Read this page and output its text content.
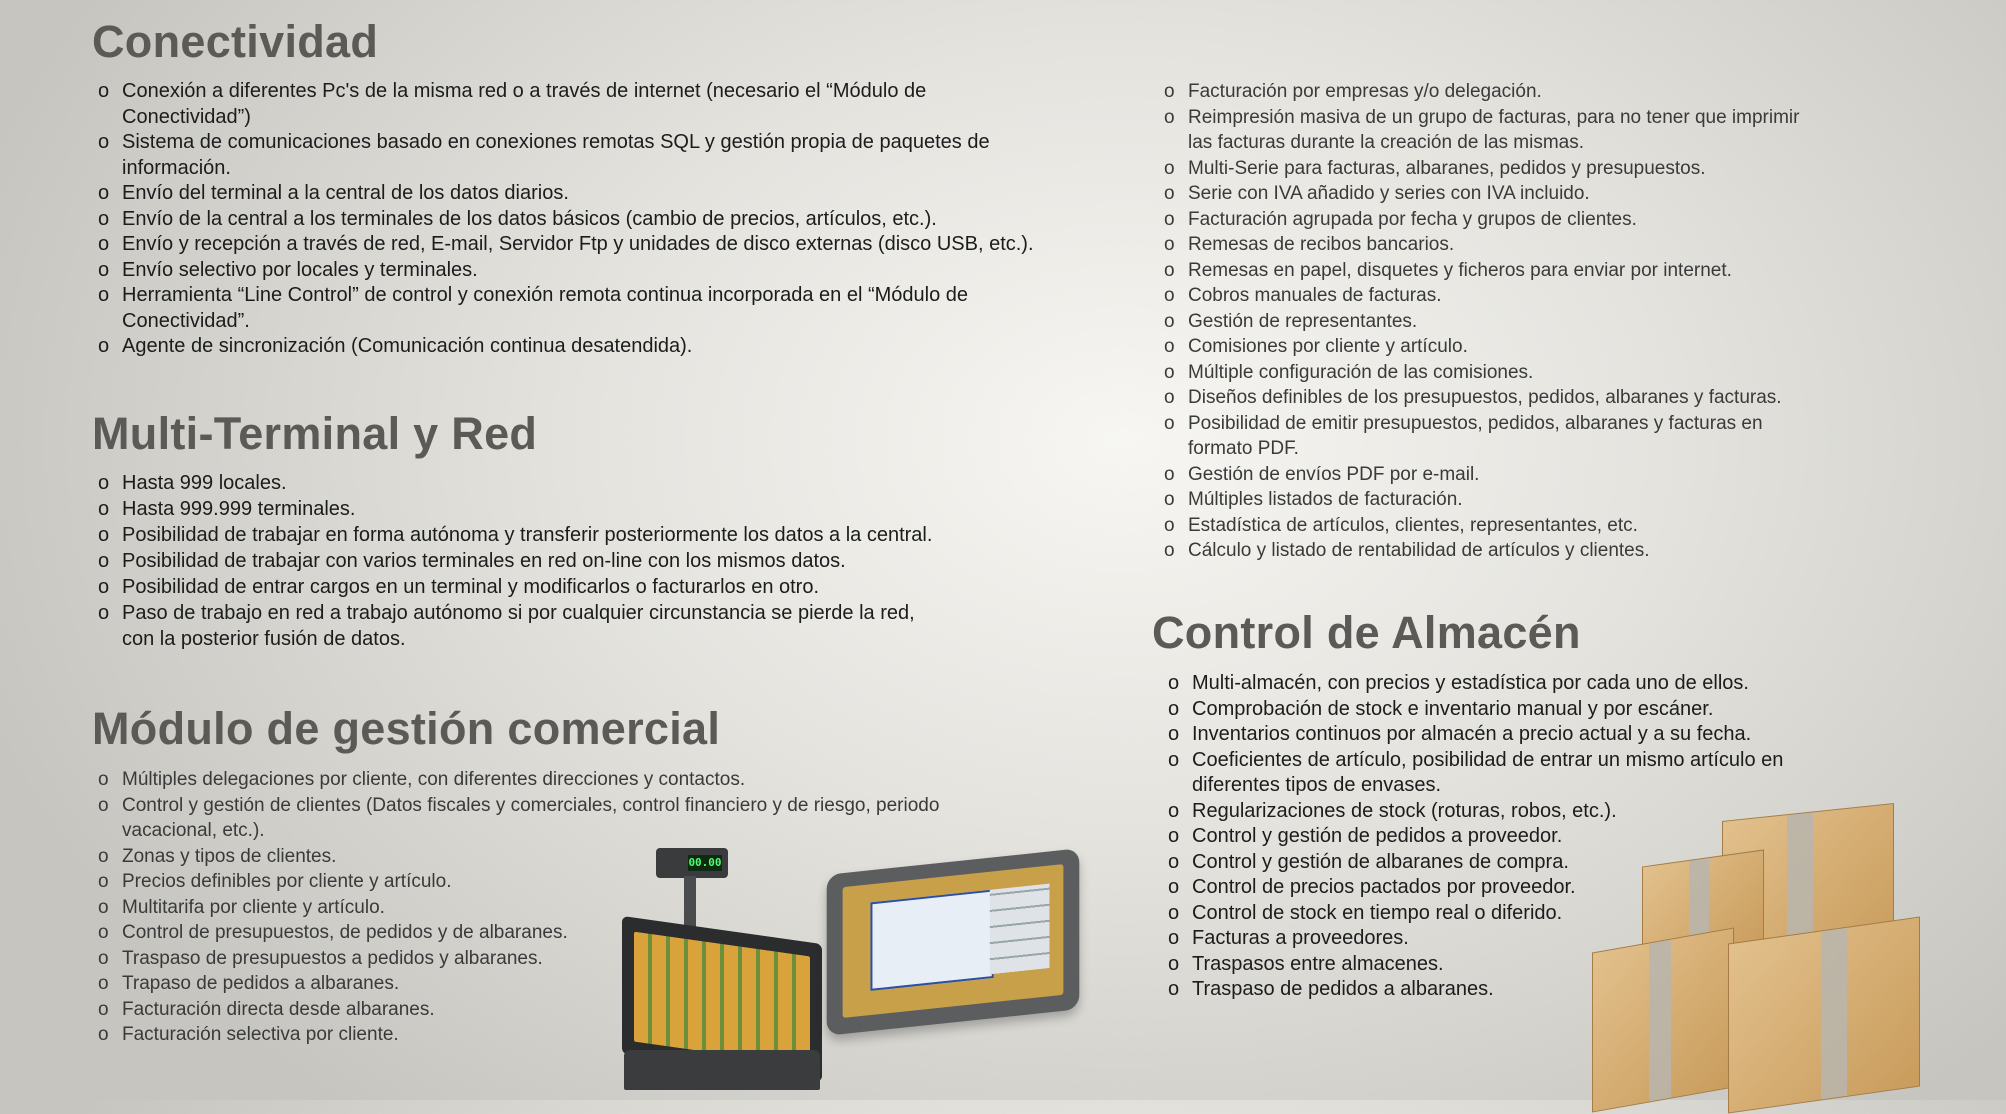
Conectividad
o Conexión a diferentes Pc's de la misma red o a través de internet (necesario el “Módulo de Conectividad”)
o Sistema de comunicaciones basado en conexiones remotas SQL y gestión propia de paquetes de información.
o Envío del terminal a la central de los datos diarios.
o Envío de la central a los terminales de los datos básicos (cambio de precios, artículos, etc.).
o Envío y recepción a través de red, E-mail, Servidor Ftp y unidades de disco externas (disco USB, etc.).
o Envío selectivo por locales y terminales.
o Herramienta “Line Control” de control y conexión remota continua incorporada en el “Módulo de Conectividad”.
o Agente de sincronización (Comunicación continua desatendida).
Multi-Terminal y Red
o Hasta 999 locales.
o Hasta 999.999 terminales.
o Posibilidad de trabajar en forma autónoma y transferir posteriormente los datos a la central.
o Posibilidad de trabajar con varios terminales en red on-line con los mismos datos.
o Posibilidad de entrar cargos en un terminal y modificarlos o facturarlos en otro.
o Paso de trabajo en red a trabajo autónomo si por cualquier circunstancia se pierde la red, con la posterior fusión de datos.
Módulo de gestión comercial
o Múltiples delegaciones por cliente, con diferentes direcciones y contactos.
o Control y gestión de clientes (Datos fiscales y comerciales, control financiero y de riesgo, periodo vacacional, etc.).
o Zonas y tipos de clientes.
o Precios definibles por cliente y artículo.
o Multitarifa por cliente y artículo.
o Control de presupuestos, de pedidos y de albaranes.
o Traspaso de presupuestos a pedidos y albaranes.
o Trapaso de pedidos a albaranes.
o Facturación directa desde albaranes.
o Facturación selectiva por cliente.
o Facturación por empresas y/o delegación.
o Reimpresión masiva de un grupo de facturas, para no tener que imprimir las facturas durante la creación de las mismas.
o Multi-Serie para facturas, albaranes, pedidos y presupuestos.
o Serie con IVA añadido y series con IVA incluido.
o Facturación agrupada por fecha y grupos de clientes.
o Remesas de recibos bancarios.
o Remesas en papel, disquetes y ficheros para enviar por internet.
o Cobros manuales de facturas.
o Gestión de representantes.
o Comisiones por cliente y artículo.
o Múltiple configuración de las comisiones.
o Diseños definibles de los presupuestos, pedidos, albaranes y facturas.
o Posibilidad de emitir presupuestos, pedidos, albaranes y facturas en formato PDF.
o Gestión de envíos PDF por e-mail.
o Múltiples listados de facturación.
o Estadística de artículos, clientes, representantes, etc.
o Cálculo y listado de rentabilidad de artículos y clientes.
Control de Almacén
o Multi-almacén, con precios y estadística por cada uno de ellos.
o Comprobación de stock e inventario manual y por escáner.
o Inventarios continuos por almacén a precio actual y a su fecha.
o Coeficientes de artículo, posibilidad de entrar un mismo artículo en diferentes tipos de envases.
o Regularizaciones de stock (roturas, robos, etc.).
o Control y gestión de pedidos a proveedor.
o Control y gestión de albaranes de compra.
o Control de precios pactados por proveedor.
o Control de stock en tiempo real o diferido.
o Facturas a proveedores.
o Traspasos entre almacenes.
o Traspaso de pedidos a albaranes.
00.00
